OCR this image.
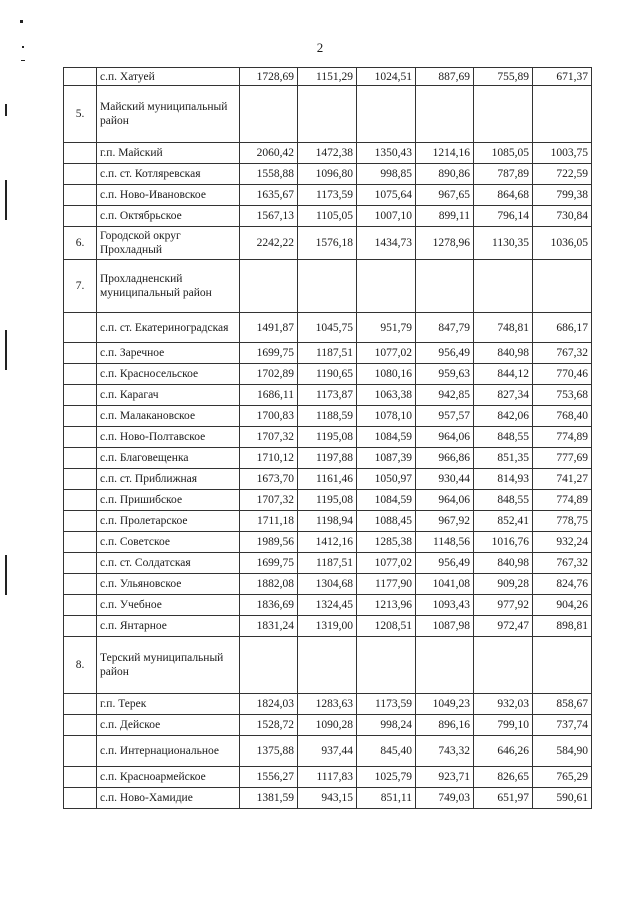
2
	с.п. Хатуей	1728,69	1151,29	1024,51	887,69	755,89	671,37
5.	Майский муниципальный район						
	г.п. Майский	2060,42	1472,38	1350,43	1214,16	1085,05	1003,75
	с.п. ст. Котляревская	1558,88	1096,80	998,85	890,86	787,89	722,59
	с.п. Ново-Ивановское	1635,67	1173,59	1075,64	967,65	864,68	799,38
	с.п. Октябрьское	1567,13	1105,05	1007,10	899,11	796,14	730,84
6.	Городской округ Прохладный	2242,22	1576,18	1434,73	1278,96	1130,35	1036,05
7.	Прохладненский муниципальный район						
	с.п. ст. Екатериноградская	1491,87	1045,75	951,79	847,79	748,81	686,17
	с.п. Заречное	1699,75	1187,51	1077,02	956,49	840,98	767,32
	с.п. Красносельское	1702,89	1190,65	1080,16	959,63	844,12	770,46
	с.п. Карагач	1686,11	1173,87	1063,38	942,85	827,34	753,68
	с.п. Малакановское	1700,83	1188,59	1078,10	957,57	842,06	768,40
	с.п. Ново-Полтавское	1707,32	1195,08	1084,59	964,06	848,55	774,89
	с.п. Благовещенка	1710,12	1197,88	1087,39	966,86	851,35	777,69
	с.п. ст. Приближная	1673,70	1161,46	1050,97	930,44	814,93	741,27
	с.п. Пришибское	1707,32	1195,08	1084,59	964,06	848,55	774,89
	с.п. Пролетарское	1711,18	1198,94	1088,45	967,92	852,41	778,75
	с.п. Советское	1989,56	1412,16	1285,38	1148,56	1016,76	932,24
	с.п. ст. Солдатская	1699,75	1187,51	1077,02	956,49	840,98	767,32
	с.п. Ульяновское	1882,08	1304,68	1177,90	1041,08	909,28	824,76
	с.п. Учебное	1836,69	1324,45	1213,96	1093,43	977,92	904,26
	с.п. Янтарное	1831,24	1319,00	1208,51	1087,98	972,47	898,81
8.	Терский муниципальный район						
	г.п. Терек	1824,03	1283,63	1173,59	1049,23	932,03	858,67
	с.п. Дейское	1528,72	1090,28	998,24	896,16	799,10	737,74
	с.п. Интернациональное	1375,88	937,44	845,40	743,32	646,26	584,90
	с.п. Красноармейское	1556,27	1117,83	1025,79	923,71	826,65	765,29
	с.п. Ново-Хамидие	1381,59	943,15	851,11	749,03	651,97	590,61
